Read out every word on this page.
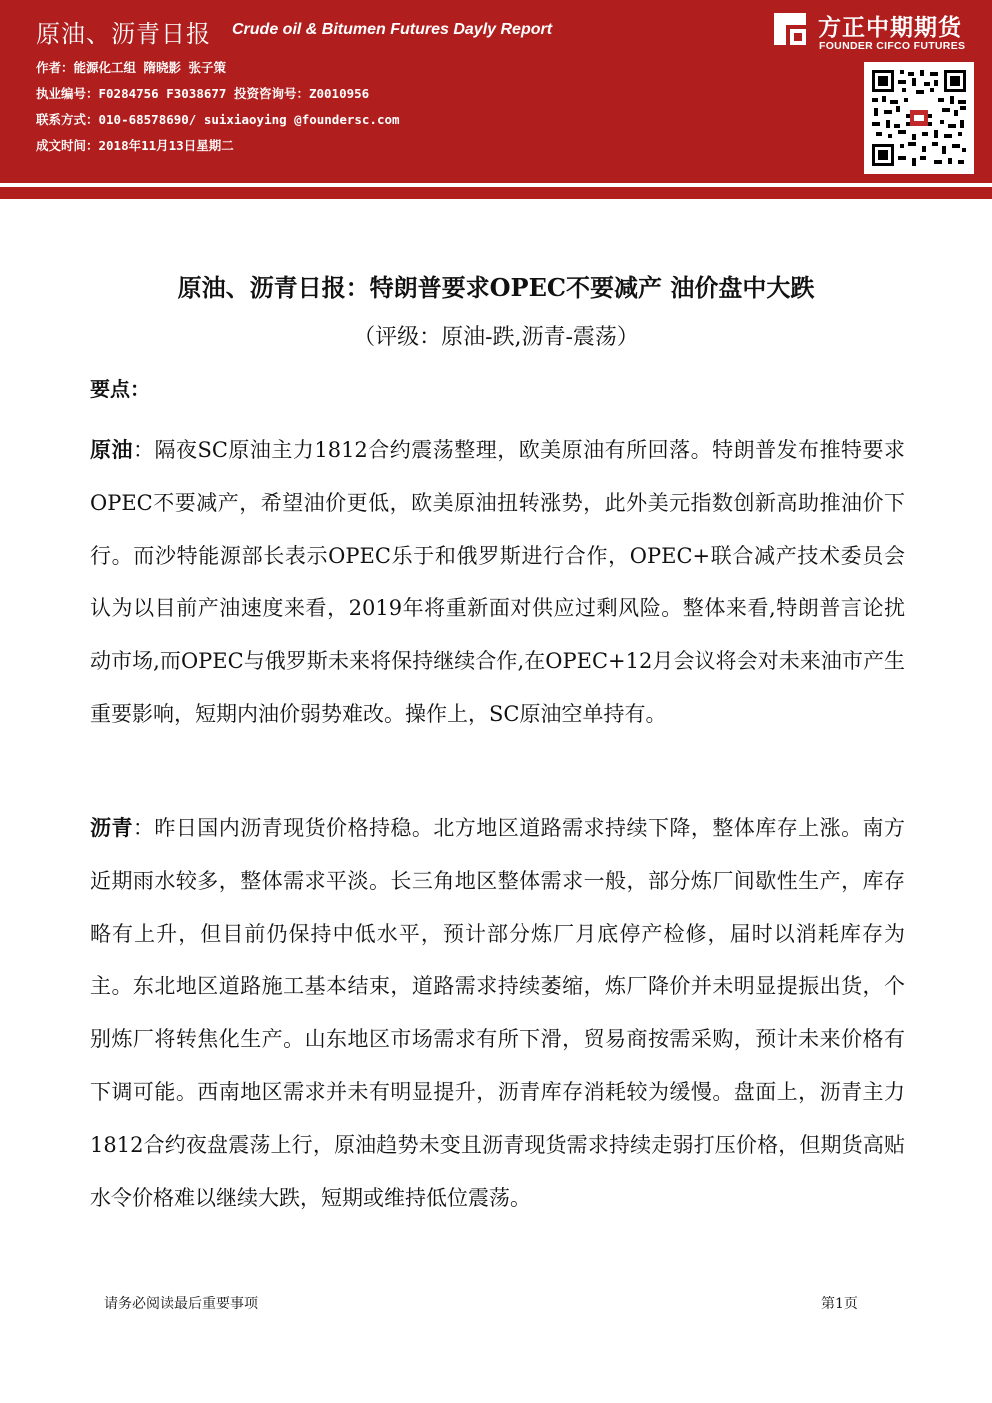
原油、沥青日报 Crude oil & Bitumen Futures Dayly Report
作者：能源化工组 隋晓影 张子策
执业编号：F0284756 F3038677 投资咨询号：Z0010956
联系方式：010-68578690/ suixiaoying @foundersc.com
成文时间：2018年11月13日星期二
方正中期期货
FOUNDER CIFCO FUTURES
原油、沥青日报：特朗普要求OPEC不要减产 油价盘中大跌
（评级：原油-跌,沥青-震荡）
要点：
原油：隔夜SC原油主力1812合约震荡整理，欧美原油有所回落。特朗普发布推特要求OPEC不要减产，希望油价更低，欧美原油扭转涨势，此外美元指数创新高助推油价下行。而沙特能源部长表示OPEC乐于和俄罗斯进行合作，OPEC+联合减产技术委员会认为以目前产油速度来看，2019年将重新面对供应过剩风险。整体来看,特朗普言论扰动市场,而OPEC与俄罗斯未来将保持继续合作,在OPEC+12月会议将会对未来油市产生重要影响，短期内油价弱势难改。操作上，SC原油空单持有。
沥青：昨日国内沥青现货价格持稳。北方地区道路需求持续下降，整体库存上涨。南方近期雨水较多，整体需求平淡。长三角地区整体需求一般，部分炼厂间歇性生产，库存略有上升，但目前仍保持中低水平，预计部分炼厂月底停产检修，届时以消耗库存为主。东北地区道路施工基本结束，道路需求持续萎缩，炼厂降价并未明显提振出货，个别炼厂将转焦化生产。山东地区市场需求有所下滑，贸易商按需采购，预计未来价格有下调可能。西南地区需求并未有明显提升，沥青库存消耗较为缓慢。盘面上，沥青主力1812合约夜盘震荡上行，原油趋势未变且沥青现货需求持续走弱打压价格，但期货高贴水令价格难以继续大跌，短期或维持低位震荡。
请务必阅读最后重要事项	第1页
